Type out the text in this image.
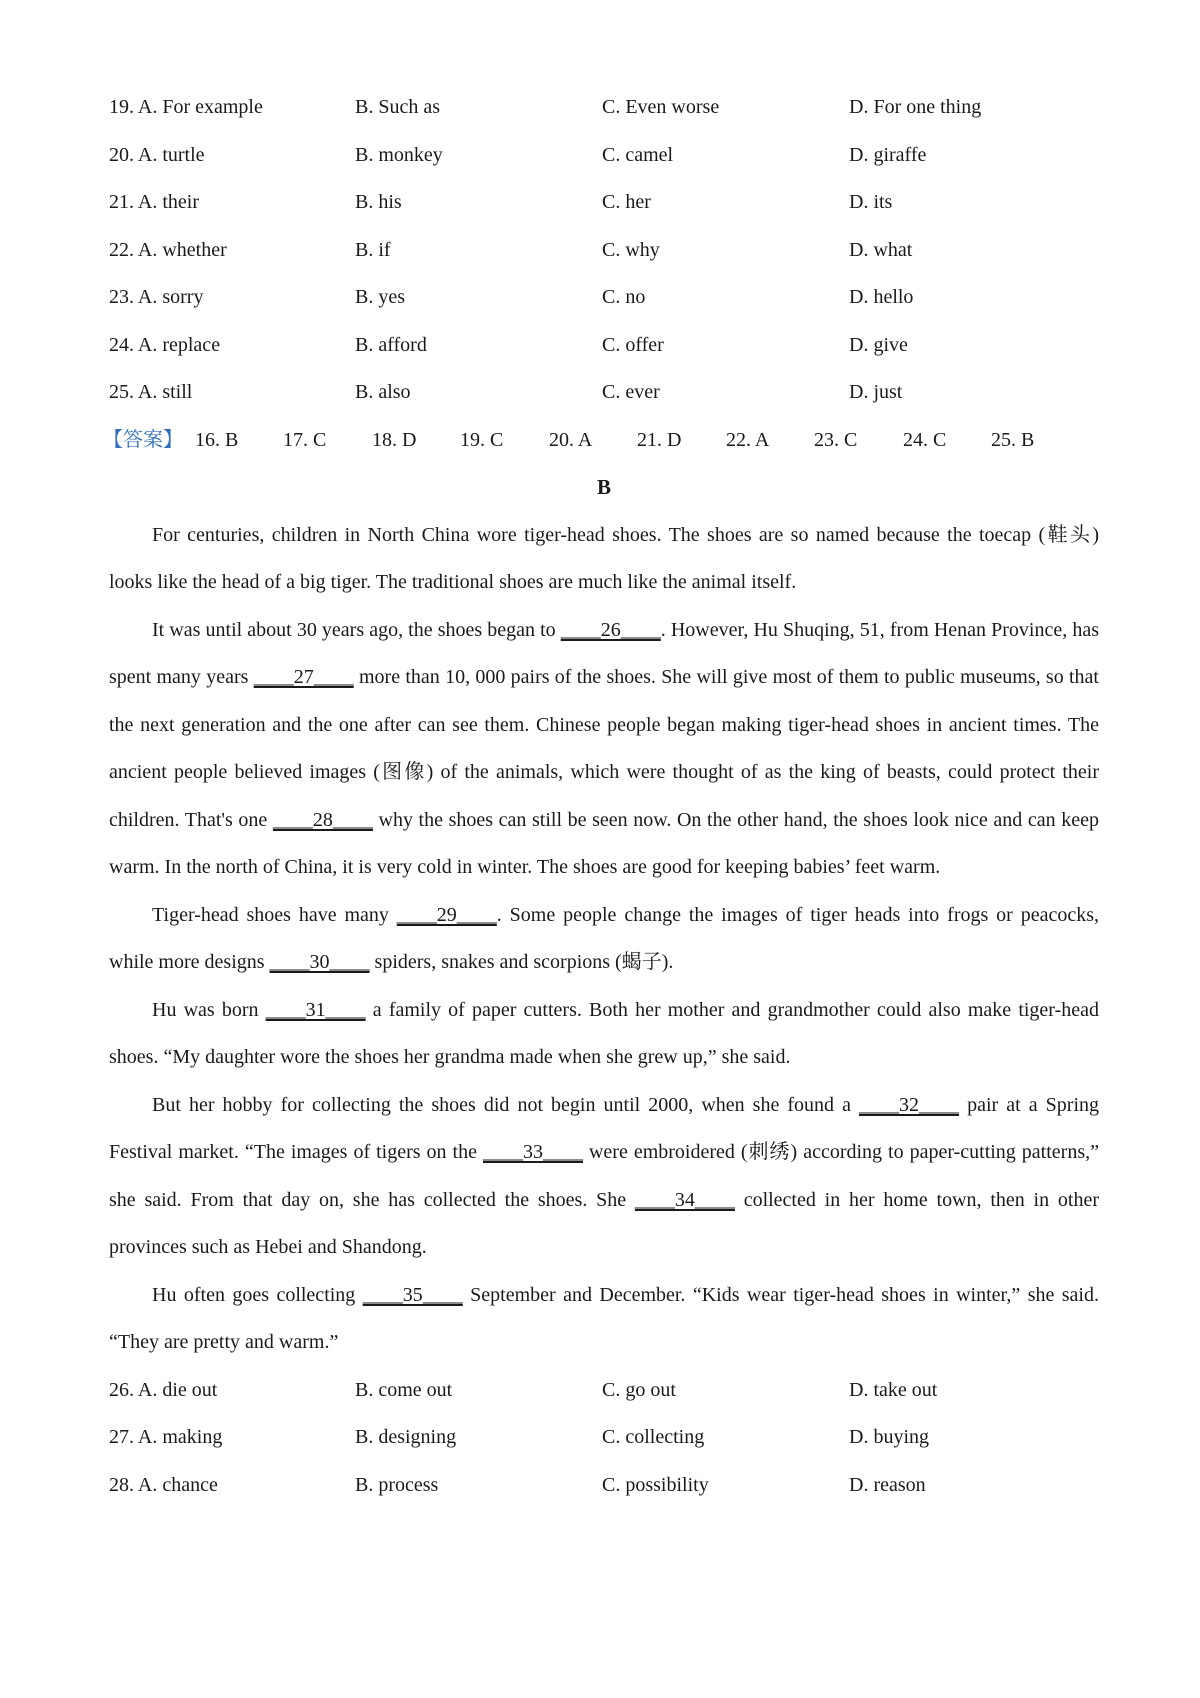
19. A. For example	B. Such as	C. Even worse	D. For one thing
20. A. turtle	B. monkey	C. camel	D. giraffe
21. A. their	B. his	C. her	D. its
22. A. whether	B. if	C. why	D. what
23. A. sorry	B. yes	C. no	D. hello
24. A. replace	B. afford	C. offer	D. give
25. A. still	B. also	C. ever	D. just
【答案】 16. B 17. C 18. D 19. C 20. A 21. D 22. A 23. C 24. C 25. B
B

For centuries, children in North China wore tiger-head shoes. The shoes are so named because the toecap (鞋头) looks like the head of a big tiger. The traditional shoes are much like the animal itself.

It was until about 30 years ago, the shoes began to ____26____. However, Hu Shuqing, 51, from Henan Province, has spent many years ____27____ more than 10, 000 pairs of the shoes. She will give most of them to public museums, so that the next generation and the one after can see them. Chinese people began making tiger-head shoes in ancient times. The ancient people believed images (图像) of the animals, which were thought of as the king of beasts, could protect their children. That's one ____28____ why the shoes can still be seen now. On the other hand, the shoes look nice and can keep warm. In the north of China, it is very cold in winter. The shoes are good for keeping babies’ feet warm.

Tiger-head shoes have many ____29____. Some people change the images of tiger heads into frogs or peacocks, while more designs ____30____ spiders, snakes and scorpions (蝎子).

Hu was born ____31____ a family of paper cutters. Both her mother and grandmother could also make tiger-head shoes. “My daughter wore the shoes her grandma made when she grew up,” she said.

But her hobby for collecting the shoes did not begin until 2000, when she found a ____32____ pair at a Spring Festival market. “The images of tigers on the ____33____ were embroidered (刺绣) according to paper-cutting patterns,” she said. From that day on, she has collected the shoes. She ____34____ collected in her home town, then in other provinces such as Hebei and Shandong.

Hu often goes collecting ____35____ September and December. “Kids wear tiger-head shoes in winter,” she said. “They are pretty and warm.”

26. A. die out	B. come out	C. go out	D. take out
27. A. making	B. designing	C. collecting	D. buying
28. A. chance	B. process	C. possibility	D. reason
